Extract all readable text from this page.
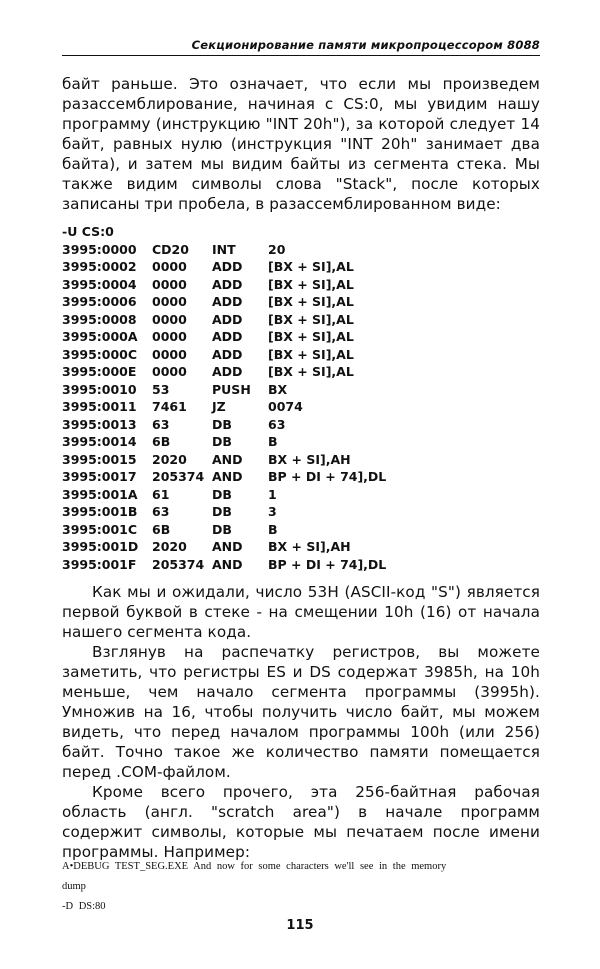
Секционирование памяти микропроцессором 8088

байт раньше. Это означает, что если мы произведем разассемблирование, начиная с CS:0, мы увидим нашу программу (инструкцию "INT 20h"), за которой следует 14 байт, равных нулю (инструкция "INT 20h" занимает два байта), и затем мы видим байты из сегмента стека. Мы также видим символы слова "Stack", после которых записаны три пробела, в разассемблированном виде:

-U CS:0
3995:0000	CD20	INT	20
3995:0002	0000	ADD	[BX + SI],AL
3995:0004	0000	ADD	[BX + SI],AL
3995:0006	0000	ADD	[BX + SI],AL
3995:0008	0000	ADD	[BX + SI],AL
3995:000A	0000	ADD	[BX + SI],AL
3995:000C	0000	ADD	[BX + SI],AL
3995:000E	0000	ADD	[BX + SI],AL
3995:0010	53	PUSH	BX
3995:0011	7461	JZ	0074
3995:0013	63	DB	63
3995:0014	6B	DB	B
3995:0015	2020	AND	BX + SI],AH
3995:0017	205374 AND	BP + DI + 74],DL
3995:001A	61	DB	1
3995:001B	63	DB	3
3995:001C	6B	DB	B
3995:001D	2020	AND	BX + SI],AH
3995:001F	205374 AND	BP + DI + 74],DL

Как мы и ожидали, число 53H (ASCII-код "S") является первой буквой в стеке - на смещении 10h (16) от начала нашего сегмента кода.

Взглянув на распечатку регистров, вы можете заметить, что регистры ES и DS содержат 3985h, на 10h меньше, чем начало сегмента программы (3995h). Умножив на 16, чтобы получить число байт, мы можем видеть, что перед началом программы 100h (или 256) байт. Точно такое же количество памяти помещается перед .COM-файлом.

Кроме всего прочего, эта 256-байтная рабочая область (англ. "scratch area") в начале программ содержит символы, которые мы печатаем после имени программы. Например:

A•DEBUG TEST_SEG.EXE And now for some characters we'll see in the memory
dump
-D DS:80
115
